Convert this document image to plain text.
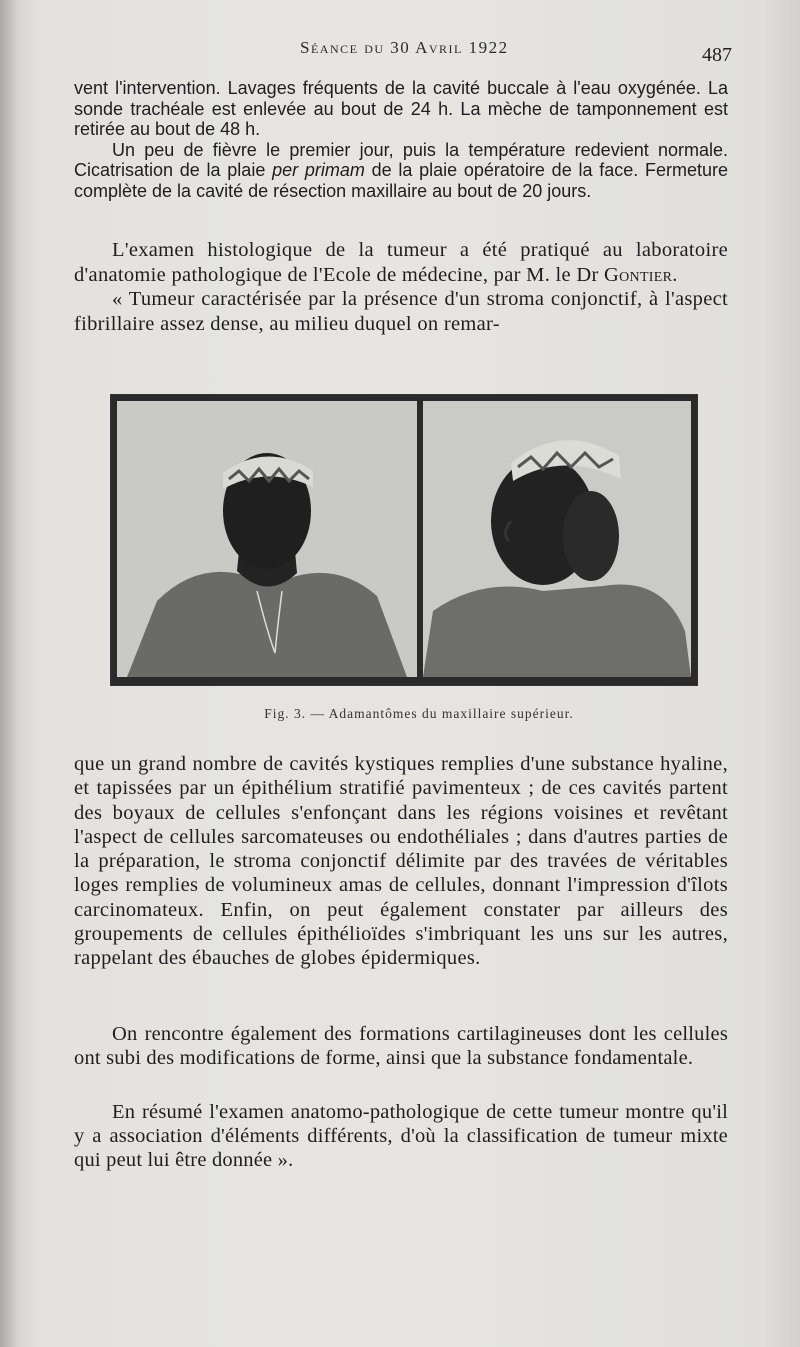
Séance du 30 Avril 1922	487

vent l'intervention. Lavages fréquents de la cavité buccale à l'eau oxygénée. La sonde trachéale est enlevée au bout de 24 h. La mèche de tamponnement est retirée au bout de 48 h.

Un peu de fièvre le premier jour, puis la température redevient normale. Cicatrisation de la plaie per primam de la plaie opératoire de la face. Fermeture complète de la cavité de résection maxillaire au bout de 20 jours.

L'examen histologique de la tumeur a été pratiqué au laboratoire d'anatomie pathologique de l'Ecole de médecine, par M. le Dr Gontier.

« Tumeur caractérisée par la présence d'un stroma conjonctif, à l'aspect fibrillaire assez dense, au milieu duquel on remar-

Fig. 3. — Adamantômes du maxillaire supérieur.

que un grand nombre de cavités kystiques remplies d'une substance hyaline, et tapissées par un épithélium stratifié pavimenteux ; de ces cavités partent des boyaux de cellules s'enfonçant dans les régions voisines et revêtant l'aspect de cellules sarcomateuses ou endothéliales ; dans d'autres parties de la préparation, le stroma conjonctif délimite par des travées de véritables loges remplies de volumineux amas de cellules, donnant l'impression d'îlots carcinomateux. Enfin, on peut également constater par ailleurs des groupements de cellules épithélioïdes s'imbriquant les uns sur les autres, rappelant des ébauches de globes épidermiques.

On rencontre également des formations cartilagineuses dont les cellules ont subi des modifications de forme, ainsi que la substance fondamentale.

En résumé l'examen anatomo-pathologique de cette tumeur montre qu'il y a association d'éléments différents, d'où la classification de tumeur mixte qui peut lui être donnée ».
